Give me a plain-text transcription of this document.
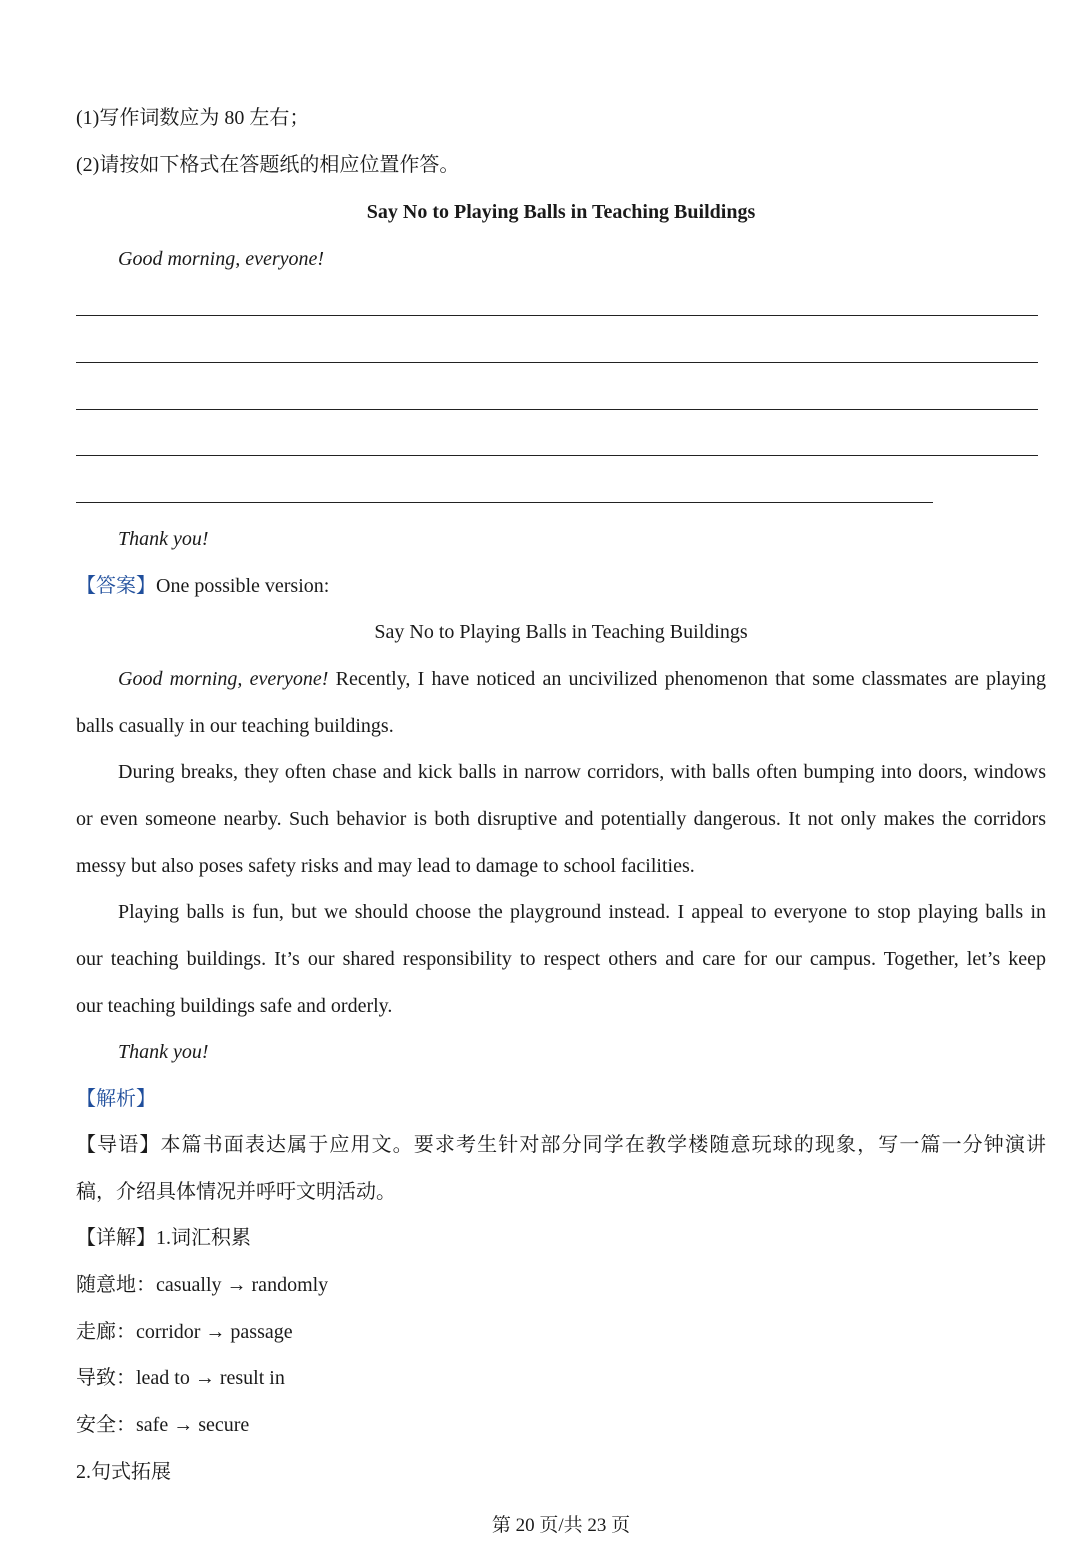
(1)写作词数应为 80 左右；
(2)请按如下格式在答题纸的相应位置作答。
Say No to Playing Balls in Teaching Buildings
Good morning, everyone!
Thank you!
【答案】One possible version:
Say No to Playing Balls in Teaching Buildings
Good morning, everyone! Recently, I have noticed an uncivilized phenomenon that some classmates are playing
balls casually in our teaching buildings.
During breaks, they often chase and kick balls in narrow corridors, with balls often bumping into doors, windows
or even someone nearby. Such behavior is both disruptive and potentially dangerous. It not only makes the corridors
messy but also poses safety risks and may lead to damage to school facilities.
Playing balls is fun, but we should choose the playground instead. I appeal to everyone to stop playing balls in
our teaching buildings. It’s our shared responsibility to respect others and care for our campus. Together, let’s keep
our teaching buildings safe and orderly.
Thank you!
【解析】
【导语】本篇书面表达属于应用文。要求考生针对部分同学在教学楼随意玩球的现象，写一篇一分钟演讲
稿，介绍具体情况并呼吁文明活动。
【详解】1.词汇积累
随意地：casually → randomly
走廊：corridor → passage
导致：lead to → result in
安全：safe → secure
2.句式拓展
第 20 页/共 23 页
